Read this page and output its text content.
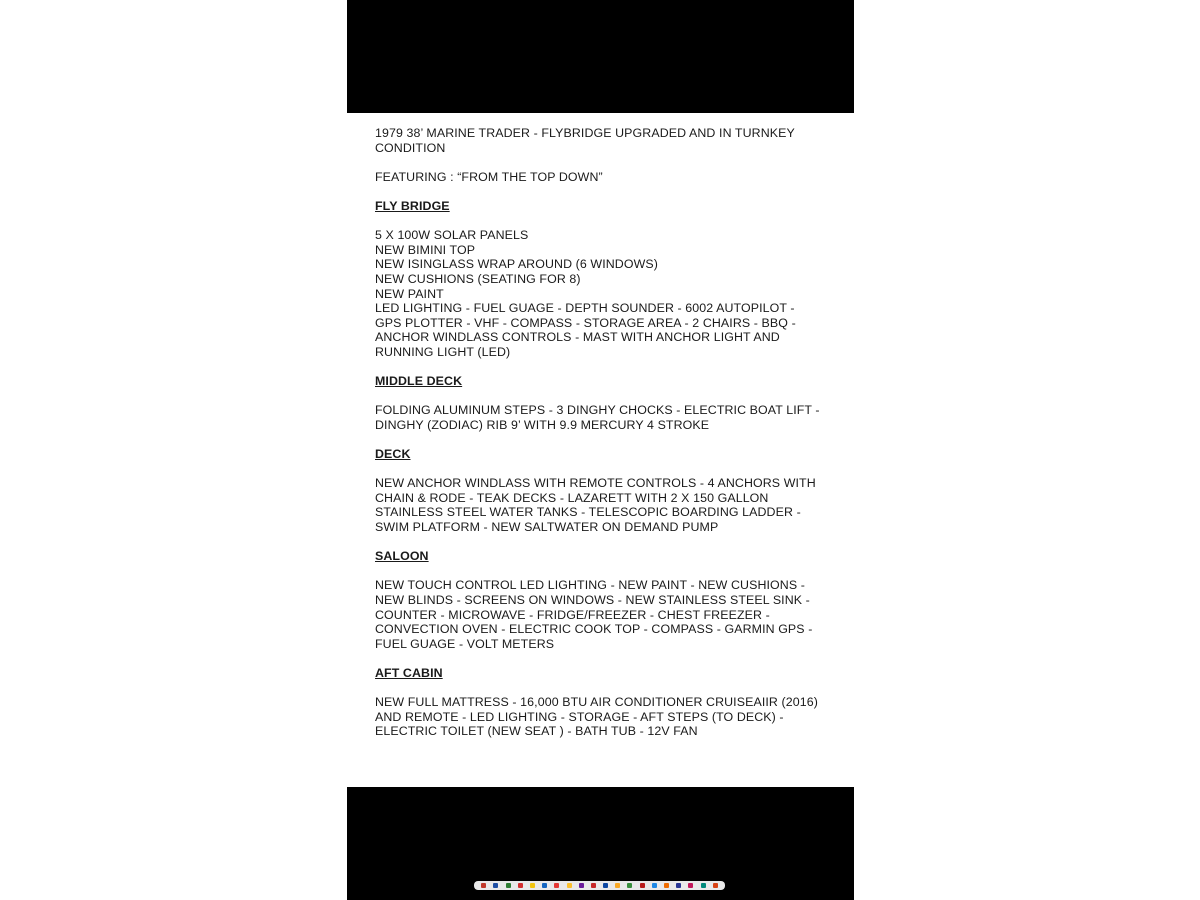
1979 38’ MARINE TRADER - FLYBRIDGE UPGRADED AND IN TURNKEY
CONDITION

FEATURING : “FROM THE TOP DOWN”

FLY BRIDGE

5 X 100W SOLAR PANELS
NEW BIMINI TOP
NEW ISINGLASS WRAP AROUND (6 WINDOWS)
NEW CUSHIONS (SEATING FOR 8)
NEW PAINT
LED LIGHTING - FUEL GUAGE - DEPTH SOUNDER - 6002 AUTOPILOT -
GPS PLOTTER - VHF - COMPASS - STORAGE AREA - 2 CHAIRS - BBQ -
ANCHOR WINDLASS CONTROLS - MAST WITH ANCHOR LIGHT AND
RUNNING LIGHT (LED)

MIDDLE DECK

FOLDING ALUMINUM STEPS - 3 DINGHY CHOCKS - ELECTRIC BOAT LIFT -
DINGHY (ZODIAC) RIB 9’ WITH 9.9 MERCURY 4 STROKE

DECK

NEW ANCHOR WINDLASS WITH REMOTE CONTROLS - 4 ANCHORS WITH
CHAIN & RODE - TEAK DECKS - LAZARETT WITH 2 X 150 GALLON
STAINLESS STEEL WATER TANKS - TELESCOPIC BOARDING LADDER -
SWIM PLATFORM - NEW SALTWATER ON DEMAND PUMP

SALOON

NEW TOUCH CONTROL LED LIGHTING - NEW PAINT - NEW CUSHIONS -
NEW BLINDS - SCREENS ON WINDOWS - NEW STAINLESS STEEL SINK -
COUNTER - MICROWAVE - FRIDGE/FREEZER - CHEST FREEZER -
CONVECTION OVEN - ELECTRIC COOK TOP - COMPASS - GARMIN GPS -
FUEL GUAGE - VOLT METERS

AFT CABIN

NEW FULL MATTRESS - 16,000 BTU AIR CONDITIONER CRUISEAIIR (2016)
AND REMOTE - LED LIGHTING - STORAGE - AFT STEPS (TO DECK) -
ELECTRIC TOILET (NEW SEAT ) - BATH TUB - 12V FAN
